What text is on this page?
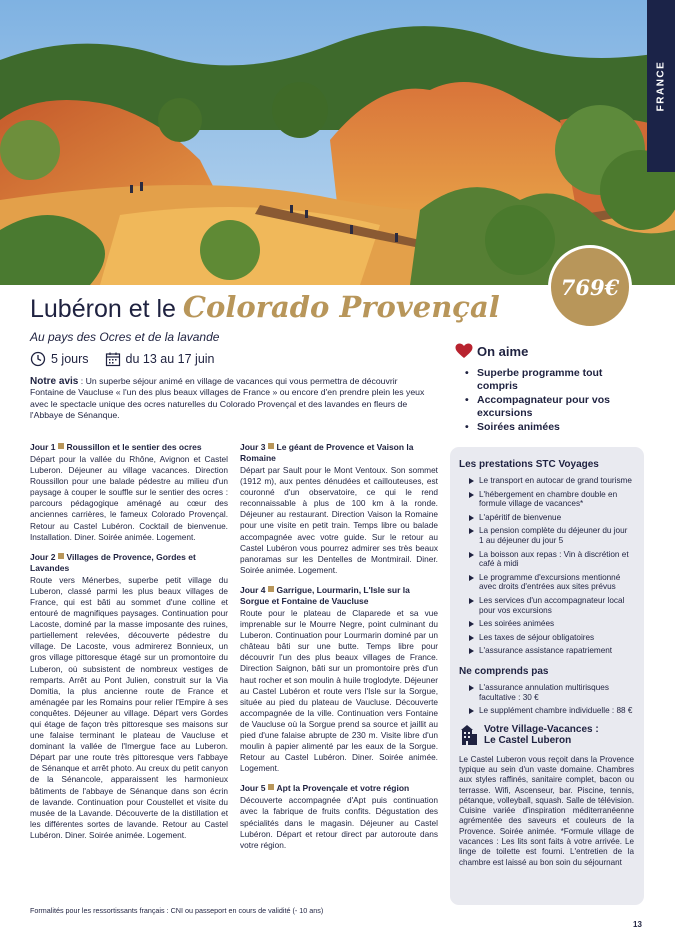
FRANCE
769€
Lubéron et le Colorado Provençal
Au pays des Ocres et de la lavande
5 jours	du 13 au 17 juin
Notre avis : Un superbe séjour animé en village de vacances qui vous permettra de découvrir Fontaine de Vaucluse « l'un des plus beaux villages de France » ou encore d'en prendre plein les yeux avec le spectacle unique des ocres naturelles du Colorado Provençal et des lavandes en fleurs de l'Abbaye de Sénanque.
Jour 1 Roussillon et le sentier des ocres
Départ pour la vallée du Rhône, Avignon et Castel Luberon. Déjeuner au village vacances. Direction Roussillon pour une balade pédestre au milieu d'un paysage à couper le souffle sur le sentier des ocres : parcours pédagogique aménagé au cœur des anciennes carrières, le fameux Colorado Provençal. Retour au Castel Lubéron. Cocktail de bienvenue. Installation. Diner. Soirée animée. Logement.
Jour 2 Villages de Provence, Gordes et Lavandes
Route vers Ménerbes, superbe petit village du Luberon, classé parmi les plus beaux villages de France, qui est bâti au sommet d'une colline et entouré de magnifiques paysages. Continuation pour Lacoste, dominé par la masse imposante des ruines, partiellement relevées, découverte pédestre du village. De Lacoste, vous admirerez Bonnieux, un gros village pittoresque étagé sur un promontoire du Luberon, où subsistent de nombreux vestiges de remparts. Arrêt au Pont Julien, construit sur la Via Domitia, la plus ancienne route de France et aménagée par les Romains pour relier l'Empire à ses conquêtes. Déjeuner au village. Départ vers Gordes qui étage de façon très pittoresque ses maisons sur une falaise terminant le plateau de Vaucluse et dominant la vallée de l'Imergue face au Luberon. Départ par une route très pittoresque vers l'abbaye de Sénanque et arrêt photo. Au creux du petit canyon de la Sénancole, apparaissent les harmonieux bâtiments de l'abbaye de Sénanque dans son écrin de lavande. Continuation pour Coustellet et visite du musée de la Lavande. Découverte de la distillation et les différentes sortes de lavande. Retour au Castel Lubéron. Diner. Soirée animée. Logement.
Jour 3 Le géant de Provence et Vaison la Romaine
Départ par Sault pour le Mont Ventoux. Son sommet (1912 m), aux pentes dénudées et caillouteuses, est couronné d'un observatoire, ce qui le rend reconnaissable à plus de 100 km à la ronde. Déjeuner au restaurant. Direction Vaison la Romaine pour une visite en petit train. Temps libre ou balade accompagnée avec votre guide. Sur le retour au Castel Lubéron vous pourrez admirer ses très beaux panoramas sur les Dentelles de Montmirail. Diner. Soirée animée. Logement.
Jour 4 Garrigue, Lourmarin, L'Isle sur la Sorgue et Fontaine de Vaucluse
Route pour le plateau de Claparede et sa vue imprenable sur le Mourre Negre, point culminant du Luberon. Continuation pour Lourmarin dominé par un château bâti sur une butte. Temps libre pour découvrir l'un des plus beaux villages de France. Direction Saignon, bâti sur un promontoire près d'un haut rocher et son moulin à huile troglodyte. Déjeuner au Castel Lubéron et route vers l'Isle sur la Sorgue, située au pied du plateau de Vaucluse. Découverte accompagnée de la ville. Continuation vers Fontaine de Vaucluse où la Sorgue prend sa source et jaillit au pied d'une falaise abrupte de 230 m. Visite libre d'un moulin à papier alimenté par les eaux de la Sorgue. Retour au Castel Lubéron. Diner. Soirée animée. Logement.
Jour 5 Apt la Provençale et votre région
Découverte accompagnée d'Apt puis continuation avec la fabrique de fruits confits. Dégustation des spécialités dans le magasin. Déjeuner au Castel Lubéron. Départ et retour direct par autoroute dans votre région.
Formalités pour les ressortissants français : CNI ou passeport en cours de validité (- 10 ans)
13
On aime
• Superbe programme tout compris
• Accompagnateur pour vos excursions
• Soirées animées
Les prestations STC Voyages
Le transport en autocar de grand tourisme
L'hébergement en chambre double en formule village de vacances*
L'apéritif de bienvenue
La pension complète du déjeuner du jour 1 au déjeuner du jour 5
La boisson aux repas : Vin à discrétion et café à midi
Le programme d'excursions mentionné avec droits d'entrées aux sites prévus
Les services d'un accompagnateur local pour vos excursions
Les soirées animées
Les taxes de séjour obligatoires
L'assurance assistance rapatriement
Ne comprends pas
L'assurance annulation multirisques facultative : 30 €
Le supplément chambre individuelle : 88 €
Votre Village-Vacances :
Le Castel Luberon
Le Castel Luberon vous reçoit dans la Provence typique au sein d'un vaste domaine. Chambres aux styles raffinés, sanitaire complet, bacon ou terrasse. Wifi, Ascenseur, bar. Piscine, tennis, pétanque, volleyball, squash. Salle de télévision. Cuisine variée d'inspiration méditerranéenne agrémentée des saveurs et couleurs de la Provence. Soirée animée. *Formule village de vacances : Les lits sont faits à votre arrivée. Le linge de toilette est fourni. L'entretien de la chambre est laissé au bon soin du séjournant
